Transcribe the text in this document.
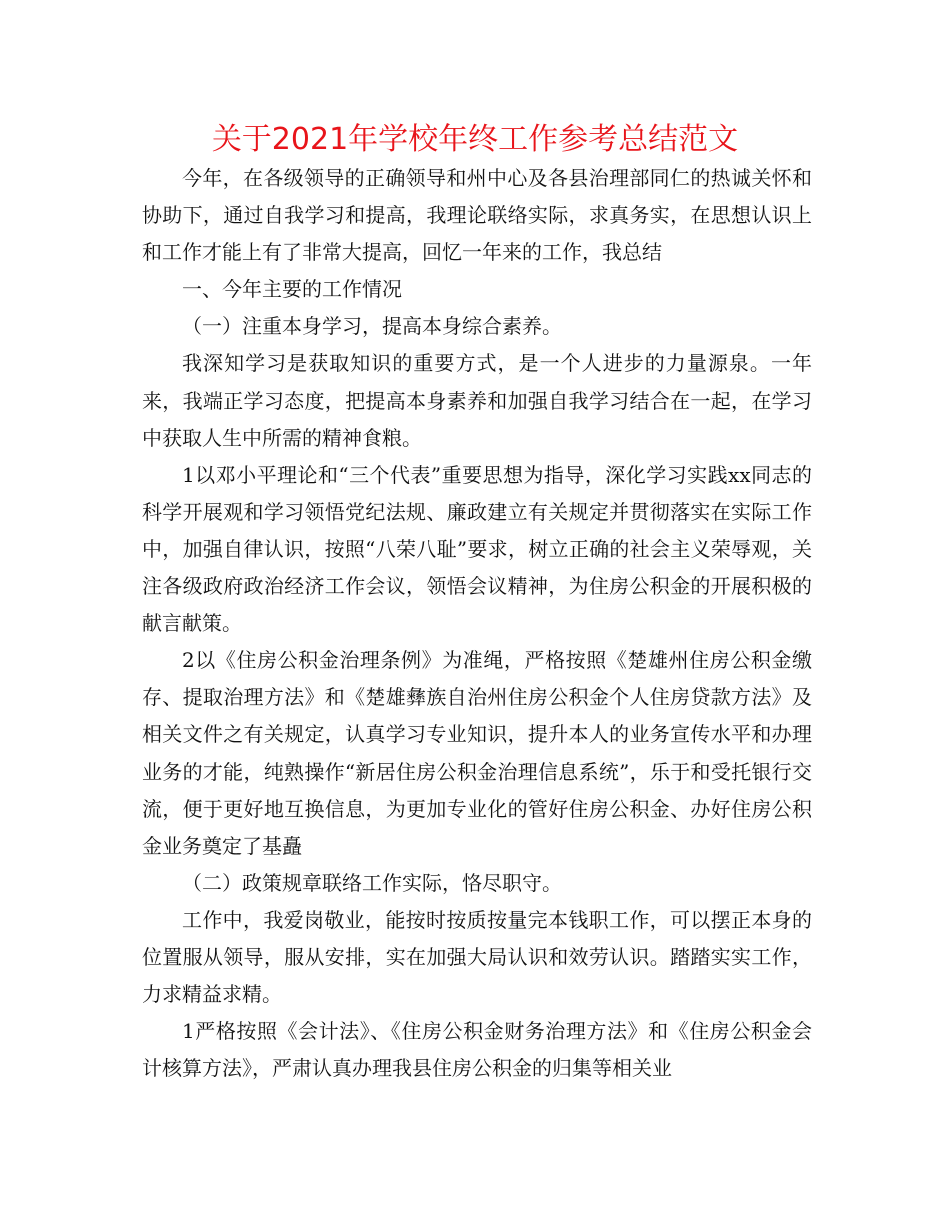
关于2021年学校年终工作参考总结范文

今年，在各级领导的正确领导和州中心及各县治理部同仁的热诚关怀和协助下，通过自我学习和提高，我理论联络实际，求真务实，在思想认识上和工作才能上有了非常大提高，回忆一年来的工作，我总结

一、今年主要的工作情况

（一）注重本身学习，提高本身综合素养。

我深知学习是获取知识的重要方式，是一个人进步的力量源泉。一年来，我端正学习态度，把提高本身素养和加强自我学习结合在一起，在学习中获取人生中所需的精神食粮。

1以邓小平理论和“三个代表”重要思想为指导，深化学习实践xx同志的科学开展观和学习领悟党纪法规、廉政建立有关规定并贯彻落实在实际工作中，加强自律认识，按照“八荣八耻”要求，树立正确的社会主义荣辱观，关注各级政府政治经济工作会议，领悟会议精神，为住房公积金的开展积极的献言献策。

2以《住房公积金治理条例》为准绳，严格按照《楚雄州住房公积金缴存、提取治理方法》和《楚雄彝族自治州住房公积金个人住房贷款方法》及相关文件之有关规定，认真学习专业知识，提升本人的业务宣传水平和办理业务的才能，纯熟操作“新居住房公积金治理信息系统”，乐于和受托银行交流，便于更好地互换信息，为更加专业化的管好住房公积金、办好住房公积金业务奠定了基矗

（二）政策规章联络工作实际，恪尽职守。

工作中，我爱岗敬业，能按时按质按量完本钱职工作，可以摆正本身的位置服从领导，服从安排，实在加强大局认识和效劳认识。踏踏实实工作，力求精益求精。

1严格按照《会计法》、《住房公积金财务治理方法》和《住房公积金会计核算方法》，严肃认真办理我县住房公积金的归集等相关业
